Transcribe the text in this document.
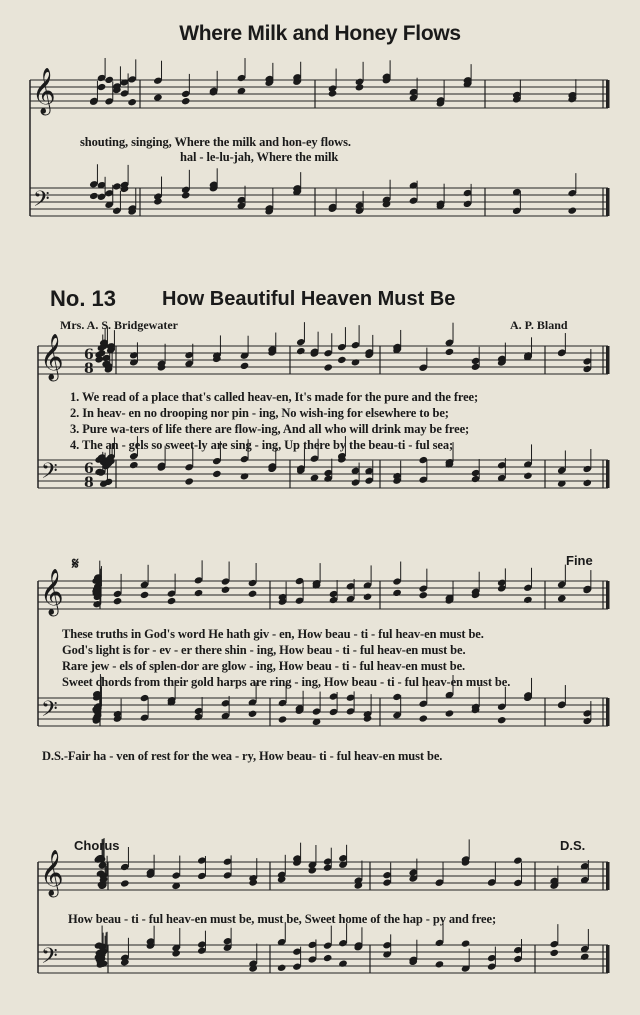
Where Milk and Honey Flows
No. 13 How Beautiful Heaven Must Be
Mrs. A. S. Bridgewater	A. P. Bland
shouting, singing, Where the milk and hon-ey flows.
hal - le-lu-jah, Where the milk
1. We read of a place that's called heav-en, It's made for the pure and the free;
2. In heav- en no drooping nor pin - ing, No wish-ing for elsewhere to be;
3. Pure wa-ters of life there are flow-ing, And all who will drink may be free;
4. The an - gels so sweet-ly are sing - ing, Up there by the beau-ti - ful sea;
Fine
𝄋
These truths in God's word He hath giv - en, How beau - ti - ful heav-en must be.
God's light is for - ev - er there shin - ing, How beau - ti - ful heav-en must be.
Rare jew - els of splen-dor are glow - ing, How beau - ti - ful heav-en must be.
Sweet chords from their gold harps are ring - ing, How beau - ti - ful heav-en must be.
D.S.-Fair ha - ven of rest for the wea - ry, How beau- ti - ful heav-en must be.
Chorus	D.S.
How beau - ti - ful heav-en must be, must be, Sweet home of the hap - py and free;
𝄞
𝄢
𝄞
𝄢
6
8
6
8
𝄞
𝄢
𝄞
𝄢
